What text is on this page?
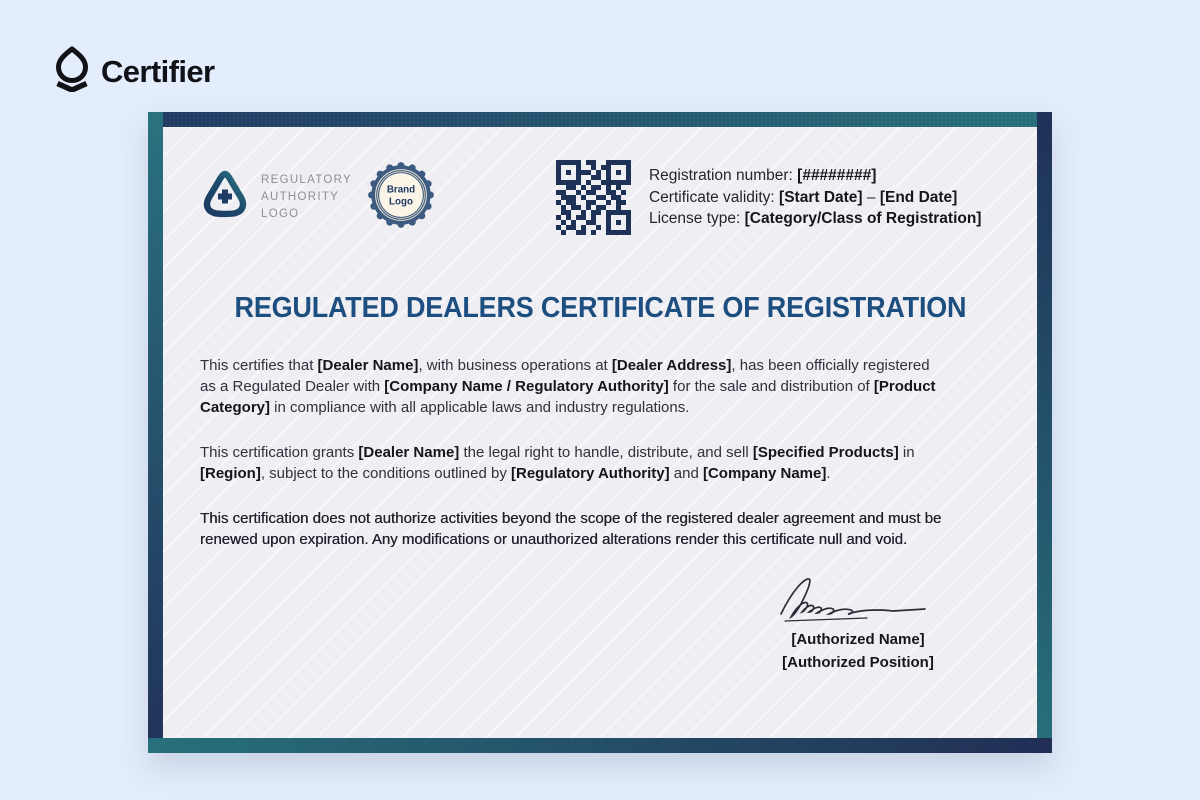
Certifier
REGULATORY
AUTHORITY
LOGO
Brand
Logo
Registration number: [########]
Certificate validity: [Start Date] – [End Date]
License type: [Category/Class of Registration]
REGULATED DEALERS CERTIFICATE OF REGISTRATION

This certifies that [Dealer Name], with business operations at [Dealer Address], has been officially registered as a Regulated Dealer with [Company Name / Regulatory Authority] for the sale and distribution of [Product Category] in compliance with all applicable laws and industry regulations.

This certification grants [Dealer Name] the legal right to handle, distribute, and sell [Specified Products] in [Region], subject to the conditions outlined by [Regulatory Authority] and [Company Name].

This certification does not authorize activities beyond the scope of the registered dealer agreement and must be renewed upon expiration. Any modifications or unauthorized alterations render this certificate null and void.

[Authorized Name]
[Authorized Position]
